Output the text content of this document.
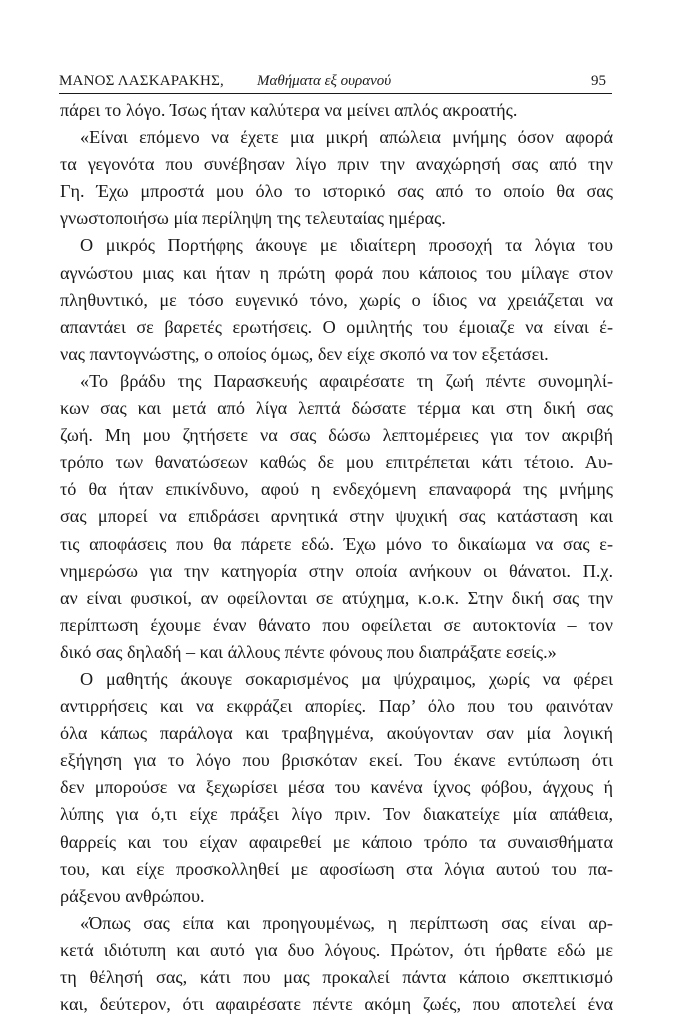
ΜΑΝΟΣ ΛΑΣΚΑΡΑΚΗΣ, Μαθήματα εξ ουρανού	95
πάρει το λόγο. Ίσως ήταν καλύτερα να μείνει απλός ακροατής.
«Είναι επόμενο να έχετε μια μικρή απώλεια μνήμης όσον αφορά
τα γεγονότα που συνέβησαν λίγο πριν την αναχώρησή σας από την
Γη. Έχω μπροστά μου όλο το ιστορικό σας από το οποίο θα σας
γνωστοποιήσω μία περίληψη της τελευταίας ημέρας.
Ο μικρός Πορτήφης άκουγε με ιδιαίτερη προσοχή τα λόγια του
αγνώστου μιας και ήταν η πρώτη φορά που κάποιος του μίλαγε στον
πληθυντικό, με τόσο ευγενικό τόνο, χωρίς ο ίδιος να χρειάζεται να
απαντάει σε βαρετές ερωτήσεις. Ο ομιλητής του έμοιαζε να είναι έ-
νας παντογνώστης, ο οποίος όμως, δεν είχε σκοπό να τον εξετάσει.
«Το βράδυ της Παρασκευής αφαιρέσατε τη ζωή πέντε συνομηλί-
κων σας και μετά από λίγα λεπτά δώσατε τέρμα και στη δική σας
ζωή. Μη μου ζητήσετε να σας δώσω λεπτομέρειες για τον ακριβή
τρόπο των θανατώσεων καθώς δε μου επιτρέπεται κάτι τέτοιο. Αυ-
τό θα ήταν επικίνδυνο, αφού η ενδεχόμενη επαναφορά της μνήμης
σας μπορεί να επιδράσει αρνητικά στην ψυχική σας κατάσταση και
τις αποφάσεις που θα πάρετε εδώ. Έχω μόνο το δικαίωμα να σας ε-
νημερώσω για την κατηγορία στην οποία ανήκουν οι θάνατοι. Π.χ.
αν είναι φυσικοί, αν οφείλονται σε ατύχημα, κ.ο.κ. Στην δική σας την
περίπτωση έχουμε έναν θάνατο που οφείλεται σε αυτοκτονία – τον
δικό σας δηλαδή – και άλλους πέντε φόνους που διαπράξατε εσείς.»
Ο μαθητής άκουγε σοκαρισμένος μα ψύχραιμος, χωρίς να φέρει
αντιρρήσεις και να εκφράζει απορίες. Παρ’ όλο που του φαινόταν
όλα κάπως παράλογα και τραβηγμένα, ακούγονταν σαν μία λογική
εξήγηση για το λόγο που βρισκόταν εκεί. Του έκανε εντύπωση ότι
δεν μπορούσε να ξεχωρίσει μέσα του κανένα ίχνος φόβου, άγχους ή
λύπης για ό,τι είχε πράξει λίγο πριν. Τον διακατείχε μία απάθεια,
θαρρείς και του είχαν αφαιρεθεί με κάποιο τρόπο τα συναισθήματα
του, και είχε προσκολληθεί με αφοσίωση στα λόγια αυτού του πα-
ράξενου ανθρώπου.
«Όπως σας είπα και προηγουμένως, η περίπτωση σας είναι αρ-
κετά ιδιότυπη και αυτό για δυο λόγους. Πρώτον, ότι ήρθατε εδώ με
τη θέλησή σας, κάτι που μας προκαλεί πάντα κάποιο σκεπτικισμό
και, δεύτερον, ότι αφαιρέσατε πέντε ακόμη ζωές, που αποτελεί ένα
